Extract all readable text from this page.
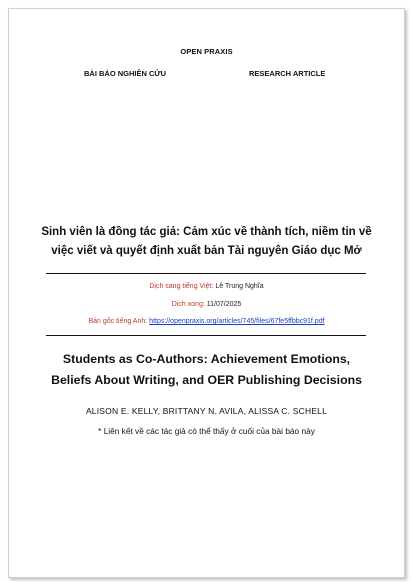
OPEN PRAXIS
BÀI BÁO NGHIÊN CỨU	RESEARCH ARTICLE
Sinh viên là đồng tác giả: Cảm xúc về thành tích, niềm tin về
việc viết và quyết định xuất bản Tài nguyên Giáo dục Mở
Dịch sang tiếng Việt: Lê Trung Nghĩa
Dịch xong: 11/07/2025
Bản gốc tiếng Anh: https://openpraxis.org/articles/745/files/67fe5ffbbc91f.pdf
Students as Co-Authors: Achievement Emotions,
Beliefs About Writing, and OER Publishing Decisions
ALISON E. KELLY, BRITTANY N. AVILA, ALISSA C. SCHELL
* Liên kết về các tác giả có thể thấy ở cuối của bài báo này
